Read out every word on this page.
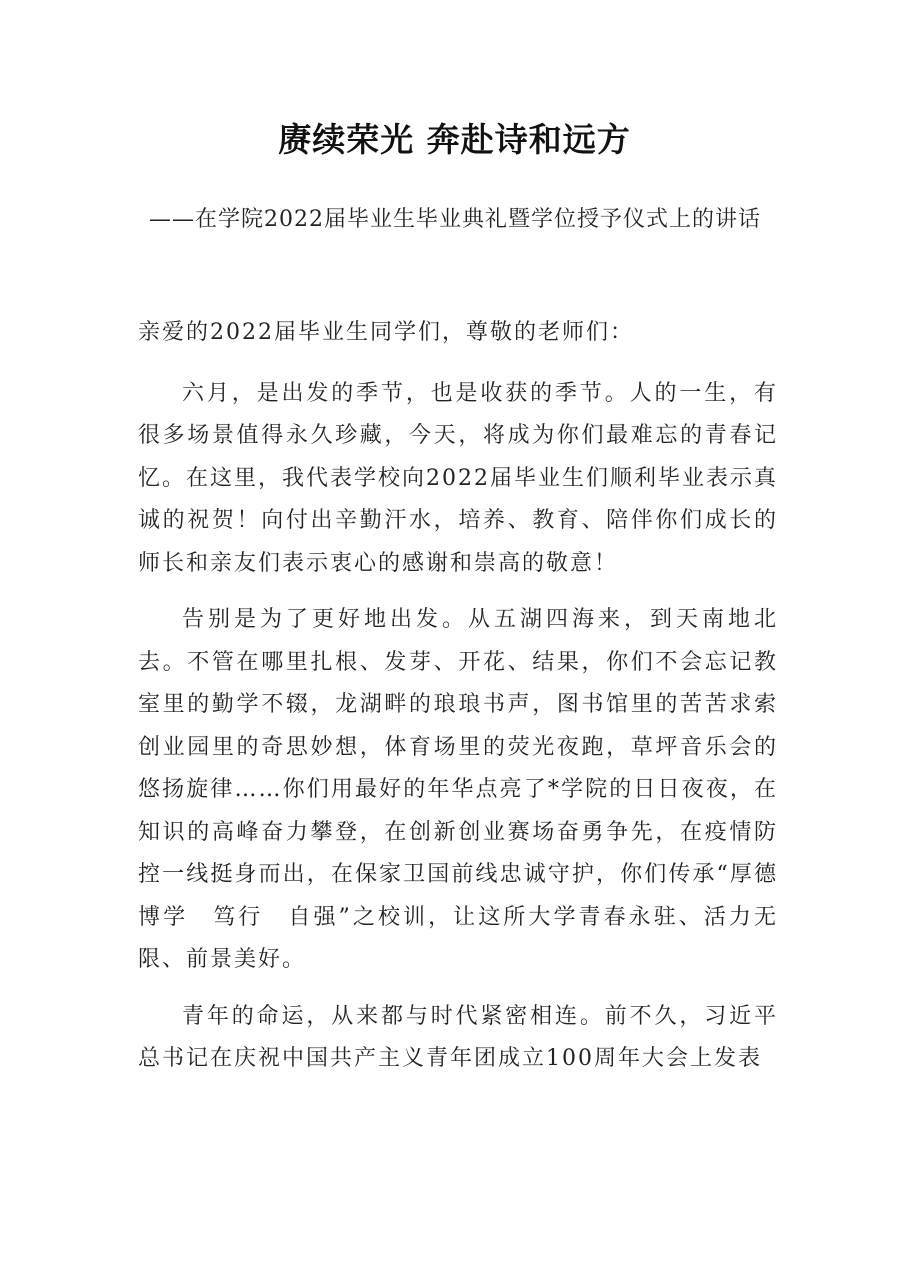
赓续荣光 奔赴诗和远方
——在学院2022届毕业生毕业典礼暨学位授予仪式上的讲话

亲爱的2022届毕业生同学们，尊敬的老师们：

六月，是出发的季节，也是收获的季节。人的一生，有很多场景值得永久珍藏，今天，将成为你们最难忘的青春记忆。在这里，我代表学校向2022届毕业生们顺利毕业表示真诚的祝贺！向付出辛勤汗水，培养、教育、陪伴你们成长的师长和亲友们表示衷心的感谢和崇高的敬意！

告别是为了更好地出发。从五湖四海来，到天南地北去。不管在哪里扎根、发芽、开花、结果，你们不会忘记教室里的勤学不辍，龙湖畔的琅琅书声，图书馆里的苦苦求索创业园里的奇思妙想，体育场里的荧光夜跑，草坪音乐会的悠扬旋律……你们用最好的年华点亮了*学院的日日夜夜，在知识的高峰奋力攀登，在创新创业赛场奋勇争先，在疫情防控一线挺身而出，在保家卫国前线忠诚守护，你们传承“厚德　博学　笃行　自强”之校训，让这所大学青春永驻、活力无限、前景美好。

青年的命运，从来都与时代紧密相连。前不久，习近平总书记在庆祝中国共产主义青年团成立100周年大会上发表
